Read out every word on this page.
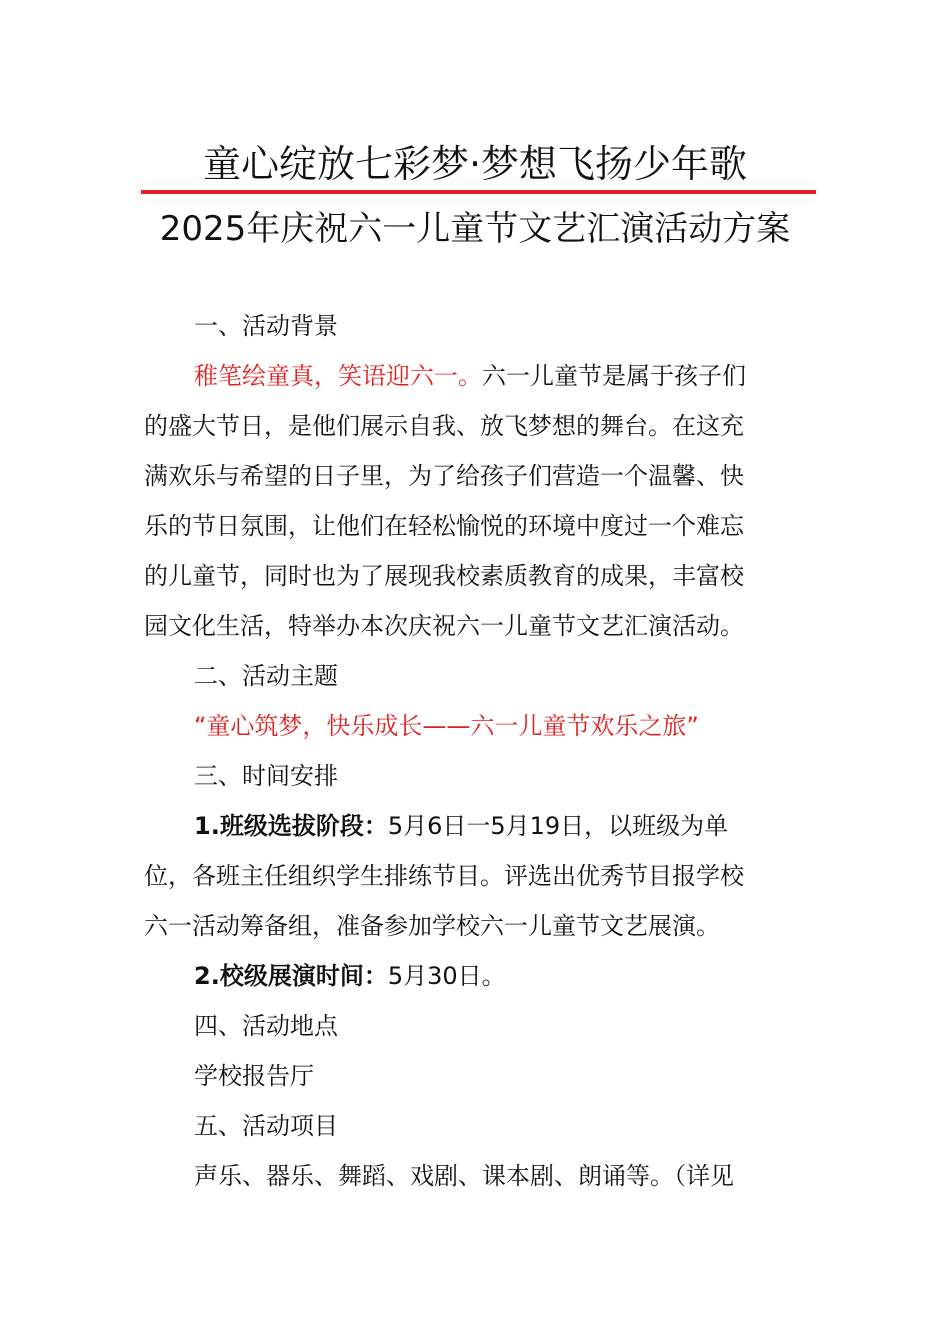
童心绽放七彩梦·梦想飞扬少年歌
2025年庆祝六一儿童节文艺汇演活动方案
一、活动背景
稚笔绘童真，笑语迎六一。六一儿童节是属于孩子们
的盛大节日，是他们展示自我、放飞梦想的舞台。在这充
满欢乐与希望的日子里，为了给孩子们营造一个温馨、快
乐的节日氛围，让他们在轻松愉悦的环境中度过一个难忘
的儿童节，同时也为了展现我校素质教育的成果，丰富校
园文化生活，特举办本次庆祝六一儿童节文艺汇演活动。
二、活动主题
“童心筑梦，快乐成长——六一儿童节欢乐之旅”
三、时间安排
1.班级选拔阶段：5月6日一5月19日，以班级为单
位，各班主任组织学生排练节目。评选出优秀节目报学校
六一活动筹备组，准备参加学校六一儿童节文艺展演。
2.校级展演时间：5月30日。
四、活动地点
学校报告厅
五、活动项目
声乐、器乐、舞蹈、戏剧、课本剧、朗诵等。（详见
